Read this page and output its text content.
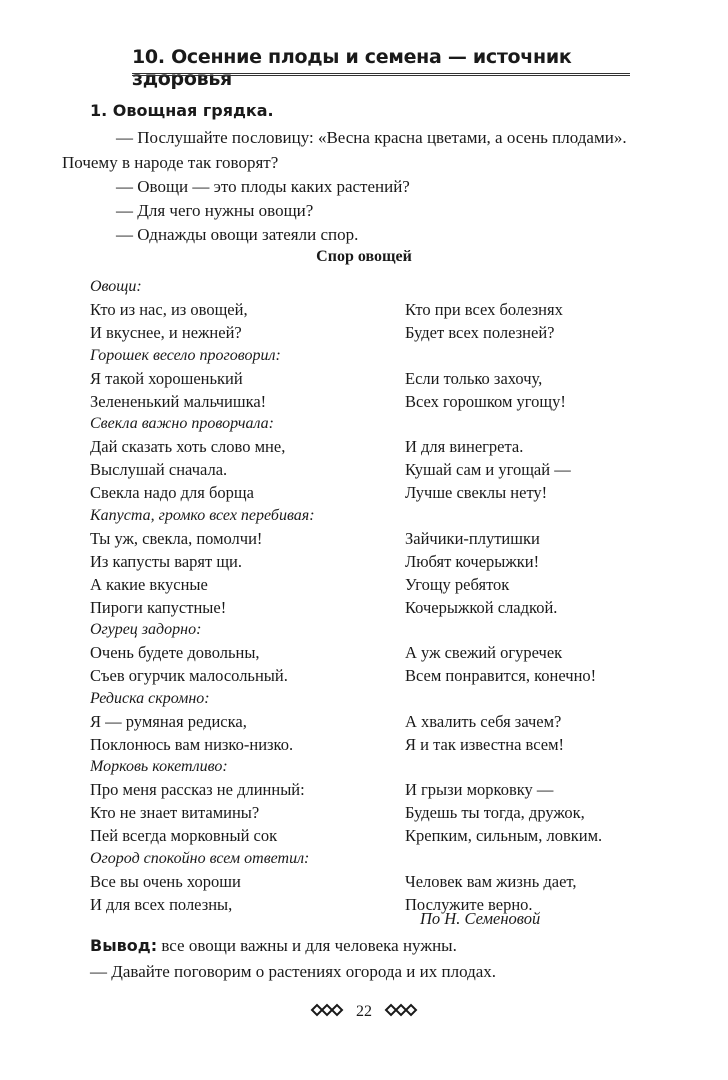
10. Осенние плоды и семена — источник здоровья
1. Овощная грядка.
— Послушайте пословицу: «Весна красна цветами, а осень плодами».
Почему в народе так говорят?
— Овощи — это плоды каких растений?
— Для чего нужны овощи?
— Однажды овощи затеяли спор.
Спор овощей
Овощи:
Кто из нас, из овощей,
И вкуснее, и нежней?
Горошек весело проговорил:
Я такой хорошенький
Зелененький мальчишка!
Свекла важно проворчала:
Дай сказать хоть слово мне,
Выслушай сначала.
Свекла надо для борща
Капуста, громко всех перебивая:
Ты уж, свекла, помолчи!
Из капусты варят щи.
А какие вкусные
Пироги капустные!
Огурец задорно:
Очень будете довольны,
Съев огурчик малосольный.
Редиска скромно:
Я — румяная редиска,
Поклонюсь вам низко-низко.
Морковь кокетливо:
Про меня рассказ не длинный:
Кто не знает витамины?
Пей всегда морковный сок
Огород спокойно всем ответил:
Все вы очень хороши
И для всех полезны,
Кто при всех болезнях
Будет всех полезней?
Если только захочу,
Всех горошком угощу!
И для винегрета.
Кушай сам и угощай —
Лучше свеклы нету!
Зайчики-плутишки
Любят кочерыжки!
Угощу ребяток
Кочерыжкой сладкой.
А уж свежий огуречек
Всем понравится, конечно!
А хвалить себя зачем?
Я и так известна всем!
И грызи морковку —
Будешь ты тогда, дружок,
Крепким, сильным, ловким.
Человек вам жизнь дает,
Послужите верно.
По Н. Семеновой
Вывод: все овощи важны и для человека нужны.
— Давайте поговорим о растениях огорода и их плодах.
22
